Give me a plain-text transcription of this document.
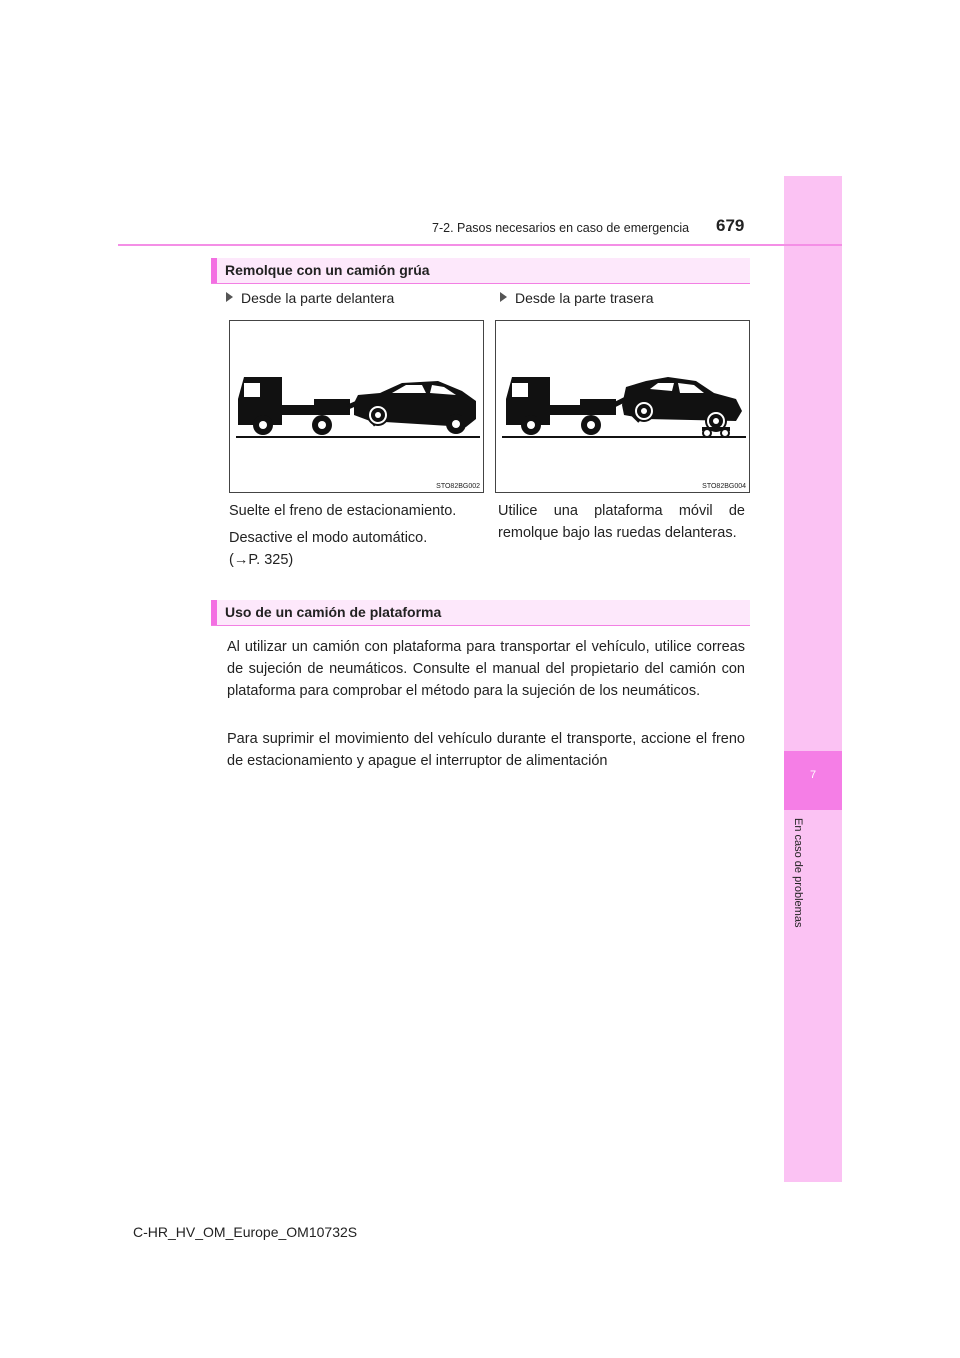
7
En caso de problemas
7-2. Pasos necesarios en caso de emergencia 679
Remolque con un camión grúa
Desde la parte delantera	Desde la parte trasera
STO82BG002	STO82BG004
Suelte el freno de estacionamiento.
Desactive el modo automático.
(→P. 325)
Utilice una plataforma móvil de remolque bajo las ruedas delanteras.
Uso de un camión de plataforma
Al utilizar un camión con plataforma para transportar el vehículo, utilice correas de sujeción de neumáticos. Consulte el manual del propietario del camión con plataforma para comprobar el método para la sujeción de los neumáticos.
Para suprimir el movimiento del vehículo durante el transporte, accione el freno de estacionamiento y apague el interruptor de alimentación
C-HR_HV_OM_Europe_OM10732S
